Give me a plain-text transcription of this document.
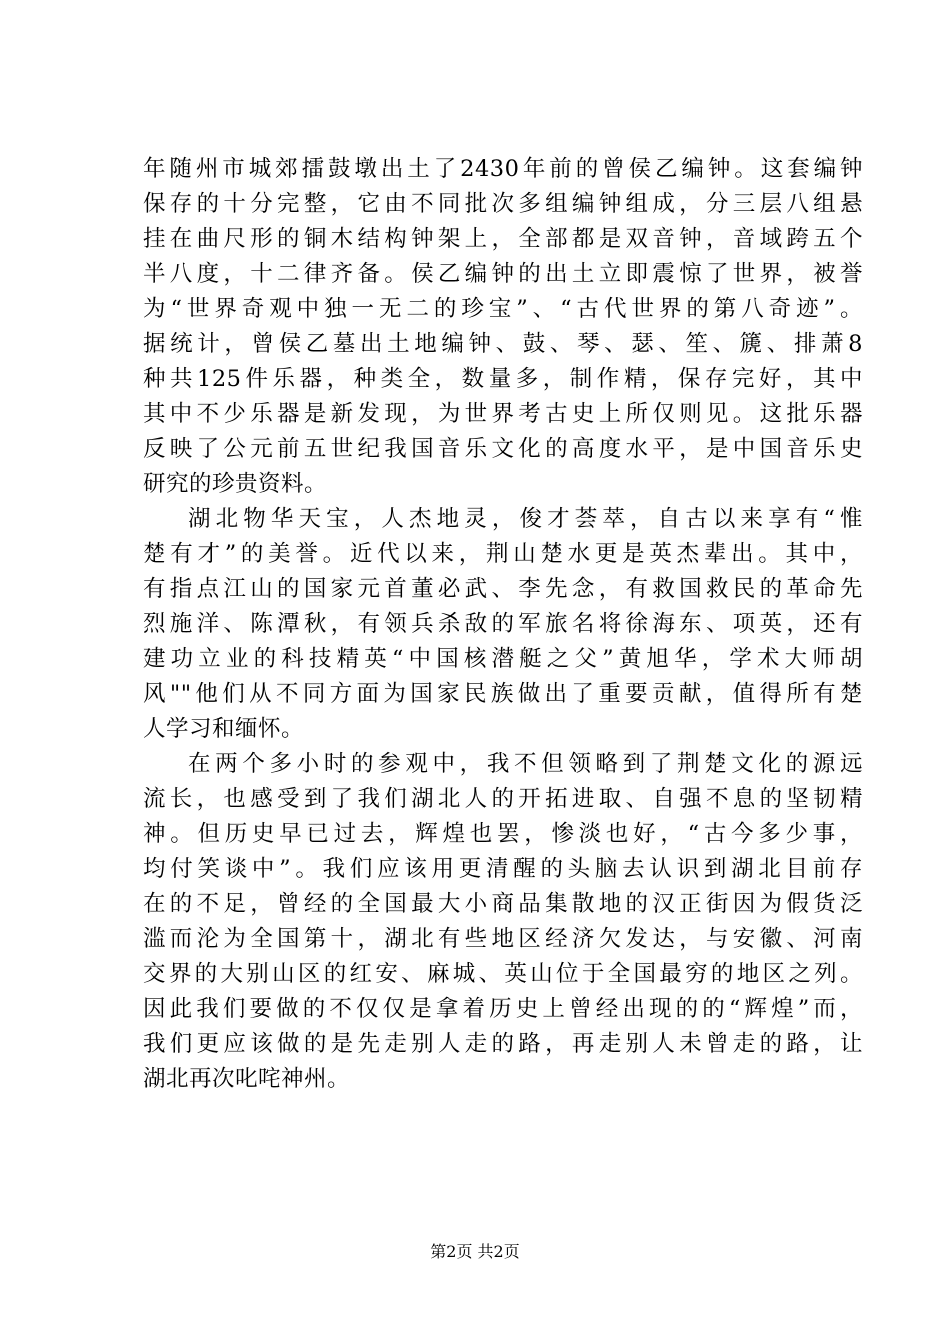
年随州市城郊擂鼓墩出土了2430年前的曾侯乙编钟。这套编钟
保存的十分完整，它由不同批次多组编钟组成，分三层八组悬
挂在曲尺形的铜木结构钟架上，全部都是双音钟，音域跨五个
半八度，十二律齐备。侯乙编钟的出土立即震惊了世界，被誉
为“世界奇观中独一无二的珍宝”、“古代世界的第八奇迹”。
据统计，曾侯乙墓出土地编钟、鼓、琴、瑟、笙、篪、排萧8
种共125件乐器，种类全，数量多，制作精，保存完好，其中
其中不少乐器是新发现，为世界考古史上所仅则见。这批乐器
反映了公元前五世纪我国音乐文化的高度水平，是中国音乐史
研究的珍贵资料。
湖北物华天宝，人杰地灵，俊才荟萃，自古以来享有“惟
楚有才”的美誉。近代以来，荆山楚水更是英杰辈出。其中，
有指点江山的国家元首董必武、李先念，有救国救民的革命先
烈施洋、陈潭秋，有领兵杀敌的军旅名将徐海东、项英，还有
建功立业的科技精英“中国核潜艇之父”黄旭华，学术大师胡
风""他们从不同方面为国家民族做出了重要贡献，值得所有楚
人学习和缅怀。
在两个多小时的参观中，我不但领略到了荆楚文化的源远
流长，也感受到了我们湖北人的开拓进取、自强不息的坚韧精
神。但历史早已过去，辉煌也罢，惨淡也好，“古今多少事，
均付笑谈中”。我们应该用更清醒的头脑去认识到湖北目前存
在的不足，曾经的全国最大小商品集散地的汉正街因为假货泛
滥而沦为全国第十，湖北有些地区经济欠发达，与安徽、河南
交界的大别山区的红安、麻城、英山位于全国最穷的地区之列。
因此我们要做的不仅仅是拿着历史上曾经出现的的“辉煌”而，
我们更应该做的是先走别人走的路，再走别人未曾走的路，让
湖北再次叱咤神州。
第2页 共2页
